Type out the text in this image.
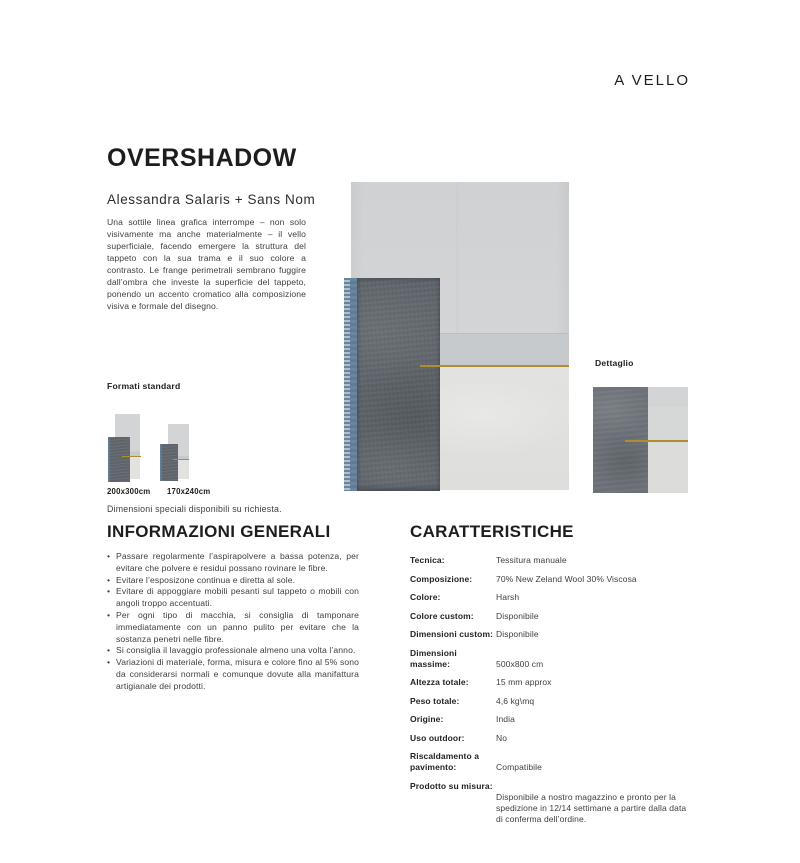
A VELLO
OVERSHADOW
Alessandra Salaris + Sans Nom

Una sottile linea grafica interrompe – non solo visivamente ma anche materialmente – il vello superficiale, facendo emergere la struttura del tappeto con la sua trama e il suo colore a contrasto. Le frange perimetrali sembrano fuggire dall’ombra che investe la superficie del tappeto, ponendo un accento cromatico alla composizione visiva e formale del disegno.

Dettaglio
Formati standard
200x300cm 170x240cm
Dimensioni speciali disponibili su richiesta.
INFORMAZIONI GENERALI
• Passare regolarmente l’aspirapolvere a bassa potenza, per evitare che polvere e residui possano rovinare le fibre.
• Evitare l’esposizone continua e diretta al sole.
• Evitare di appoggiare mobili pesanti sul tappeto o mobili con angoli troppo accentuati.
• Per ogni tipo di macchia, si consiglia di tamponare immediatamente con un panno pulito per evitare che la sostanza penetri nelle fibre.
• Si consiglia il lavaggio professionale almeno una volta l’anno.
• Variazioni di materiale, forma, misura e colore fino al 5% sono da considerarsi normali e comunque dovute alla manifattura artigianale dei prodotti.
CARATTERISTICHE
Tecnica:	Tessitura manuale
Composizione:	70% New Zeland Wool 30% Viscosa
Colore:	Harsh
Colore custom:	Disponibile
Dimensioni custom: Disponibile
Dimensioni massime:	500x800 cm
Altezza totale:	15 mm approx
Peso totale:	4,6 kg\mq
Origine:	India
Uso outdoor:	No
Riscaldamento a pavimento:	Compatibile
Prodotto su misura:
Disponibile a nostro magazzino e pronto per la spedizione in 12/14 settimane a partire dalla data di conferma dell’ordine.
